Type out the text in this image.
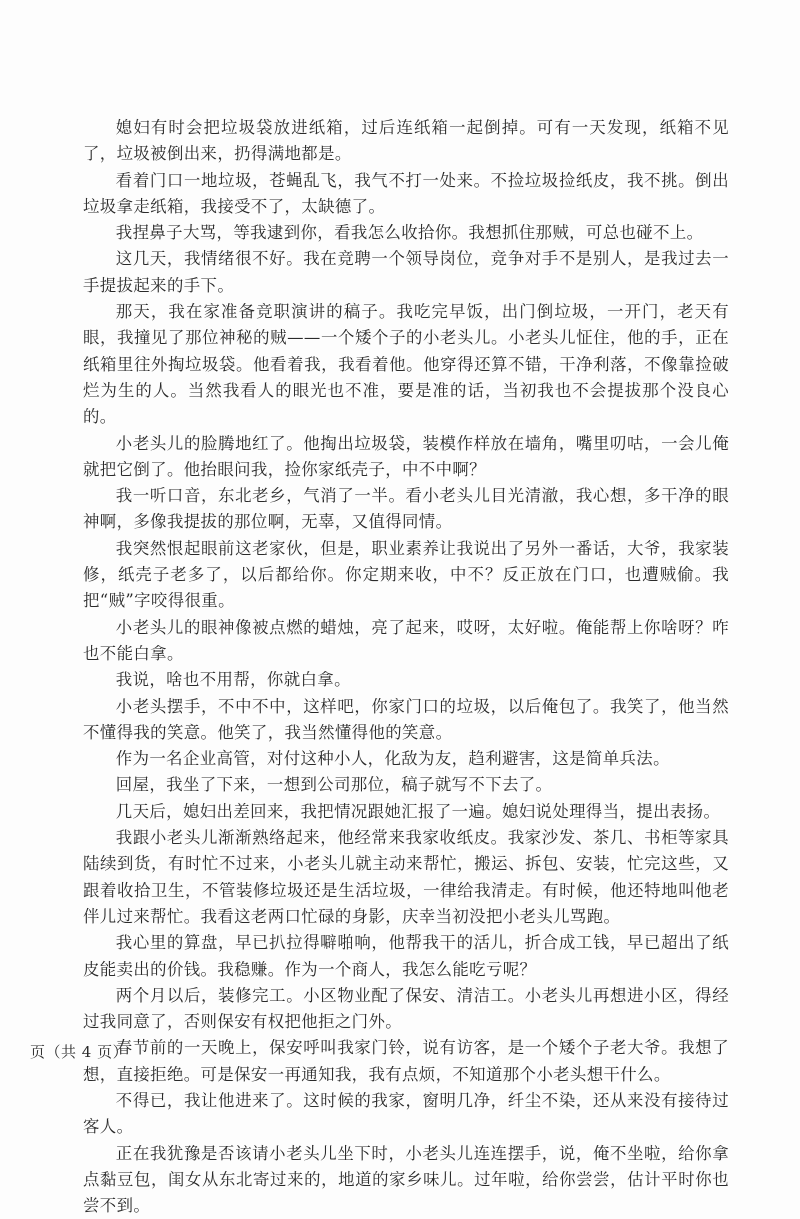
媳妇有时会把垃圾袋放进纸箱，过后连纸箱一起倒掉。可有一天发现，纸箱不见了，垃圾被倒出来，扔得满地都是。

看着门口一地垃圾，苍蝇乱飞，我气不打一处来。不捡垃圾捡纸皮，我不挑。倒出垃圾拿走纸箱，我接受不了，太缺德了。

我捏鼻子大骂，等我逮到你，看我怎么收拾你。我想抓住那贼，可总也碰不上。

这几天，我情绪很不好。我在竞聘一个领导岗位，竞争对手不是别人，是我过去一手提拔起来的手下。

那天，我在家准备竞职演讲的稿子。我吃完早饭，出门倒垃圾，一开门，老天有眼，我撞见了那位神秘的贼——一个矮个子的小老头儿。小老头儿怔住，他的手，正在纸箱里往外掏垃圾袋。他看着我，我看着他。他穿得还算不错，干净利落，不像靠捡破烂为生的人。当然我看人的眼光也不准，要是准的话，当初我也不会提拔那个没良心的。

小老头儿的脸腾地红了。他掏出垃圾袋，装模作样放在墙角，嘴里叨咕，一会儿俺就把它倒了。他抬眼问我，捡你家纸壳子，中不中啊？

我一听口音，东北老乡，气消了一半。看小老头儿目光清澈，我心想，多干净的眼神啊，多像我提拔的那位啊，无辜，又值得同情。

我突然恨起眼前这老家伙，但是，职业素养让我说出了另外一番话，大爷，我家装修，纸壳子老多了，以后都给你。你定期来收，中不？反正放在门口，也遭贼偷。我把“贼”字咬得很重。

小老头儿的眼神像被点燃的蜡烛，亮了起来，哎呀，太好啦。俺能帮上你啥呀？咋也不能白拿。

我说，啥也不用帮，你就白拿。

小老头摆手，不中不中，这样吧，你家门口的垃圾，以后俺包了。我笑了，他当然不懂得我的笑意。他笑了，我当然懂得他的笑意。

作为一名企业高管，对付这种小人，化敌为友，趋利避害，这是简单兵法。

回屋，我坐了下来，一想到公司那位，稿子就写不下去了。

几天后，媳妇出差回来，我把情况跟她汇报了一遍。媳妇说处理得当，提出表扬。

我跟小老头儿渐渐熟络起来，他经常来我家收纸皮。我家沙发、茶几、书柜等家具陆续到货，有时忙不过来，小老头儿就主动来帮忙，搬运、拆包、安装，忙完这些，又跟着收拾卫生，不管装修垃圾还是生活垃圾，一律给我清走。有时候，他还特地叫他老伴儿过来帮忙。我看这老两口忙碌的身影，庆幸当初没把小老头儿骂跑。

我心里的算盘，早已扒拉得噼啪响，他帮我干的活儿，折合成工钱，早已超出了纸皮能卖出的价钱。我稳赚。作为一个商人，我怎么能吃亏呢？

两个月以后，装修完工。小区物业配了保安、清洁工。小老头儿再想进小区，得经过我同意了，否则保安有权把他拒之门外。

春节前的一天晚上，保安呼叫我家门铃，说有访客，是一个矮个子老大爷。我想了想，直接拒绝。可是保安一再通知我，我有点烦，不知道那个小老头想干什么。

不得已，我让他进来了。这时候的我家，窗明几净，纤尘不染，还从来没有接待过客人。

正在我犹豫是否该请小老头儿坐下时，小老头儿连连摆手，说，俺不坐啦，给你拿点黏豆包，闺女从东北寄过来的，地道的家乡味儿。过年啦，给你尝尝，估计平时你也尝不到。

页（共 4 页）
